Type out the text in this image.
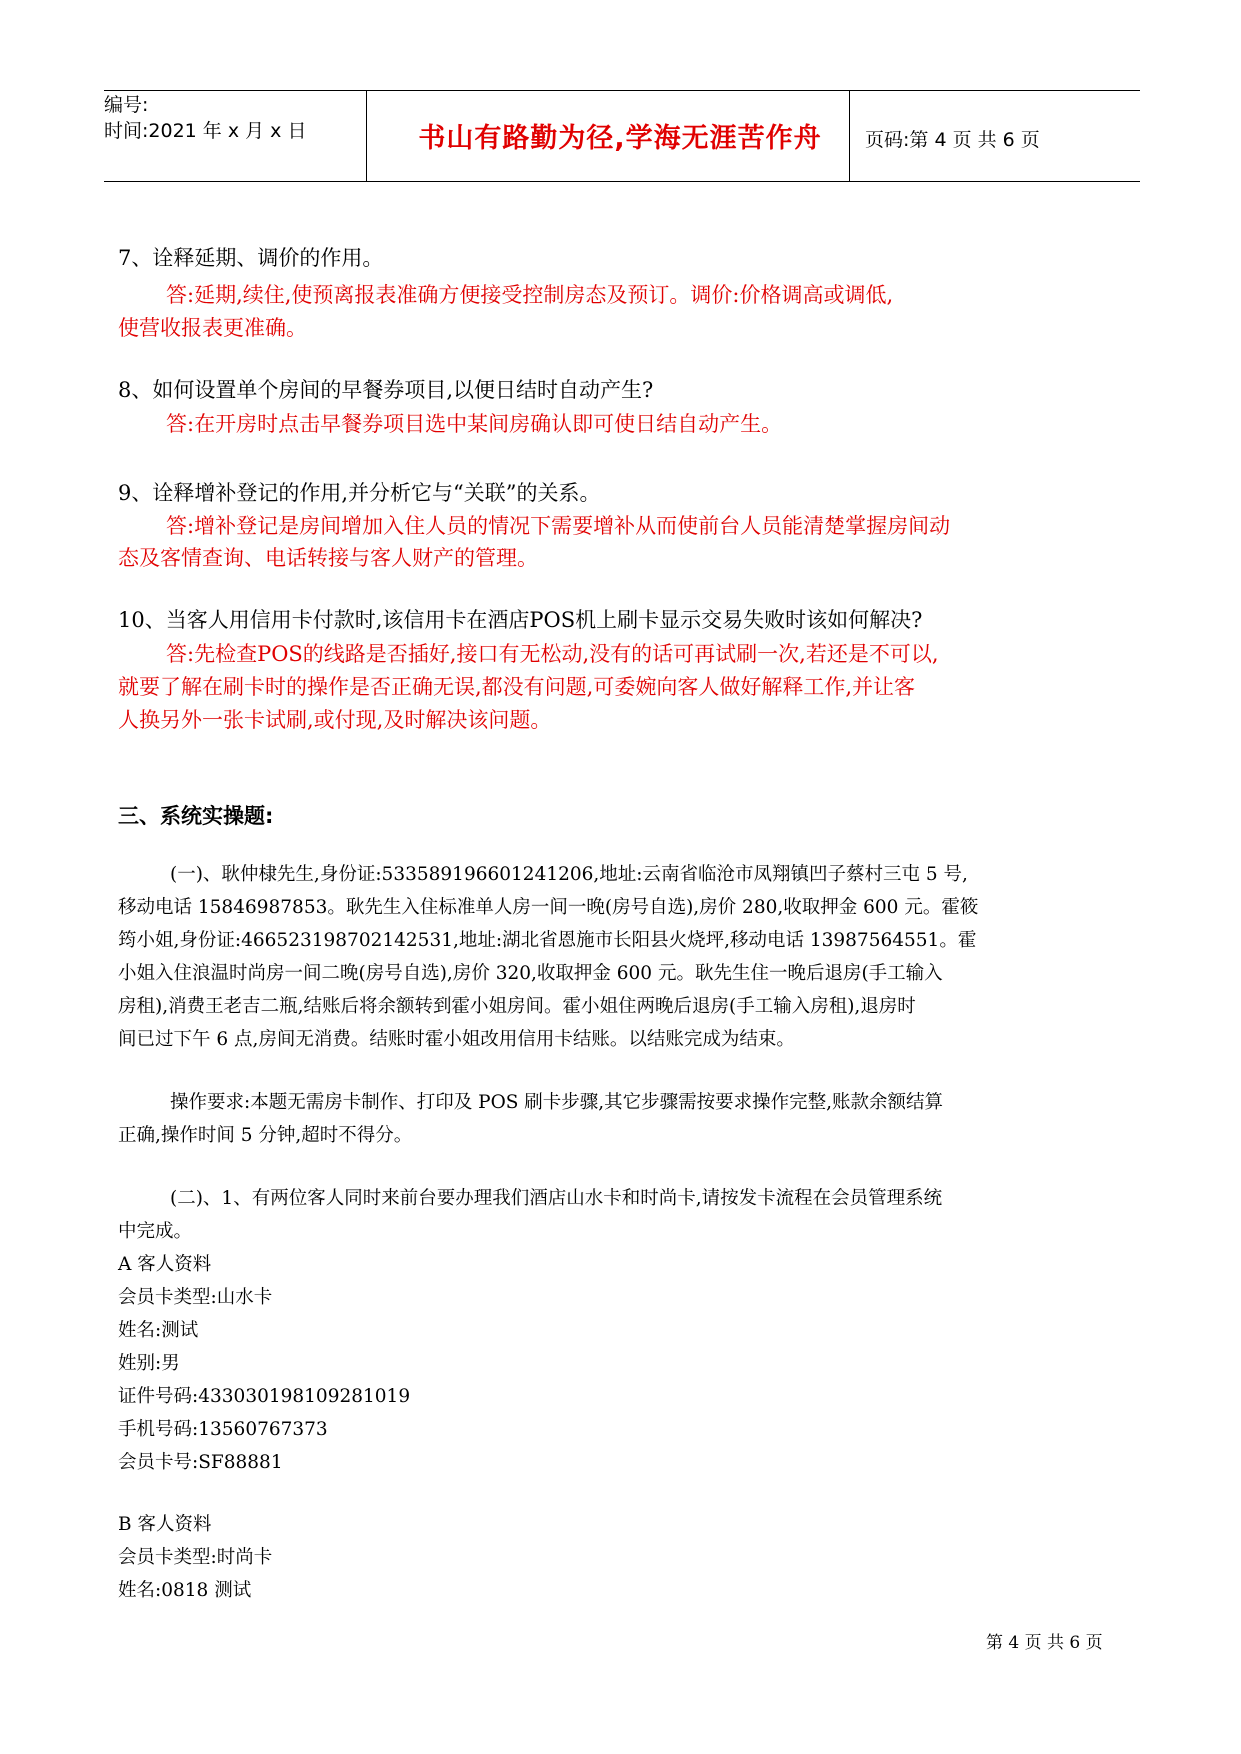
编号:
时间:2021 年 x 月 x 日	书山有路勤为径,学海无涯苦作舟	页码:第 4 页 共 6 页
7、诠释延期、调价的作用。
答:延期,续住,使预离报表准确方便接受控制房态及预订。调价:价格调高或调低,
使营收报表更准确。
8、如何设置单个房间的早餐券项目,以便日结时自动产生?
答:在开房时点击早餐券项目选中某间房确认即可使日结自动产生。
9、诠释增补登记的作用,并分析它与“关联”的关系。
答:增补登记是房间增加入住人员的情况下需要增补从而使前台人员能清楚掌握房间动
态及客情查询、电话转接与客人财产的管理。
10、当客人用信用卡付款时,该信用卡在酒店POS机上刷卡显示交易失败时该如何解决?
答:先检查POS的线路是否插好,接口有无松动,没有的话可再试刷一次,若还是不可以,
就要了解在刷卡时的操作是否正确无误,都没有问题,可委婉向客人做好解释工作,并让客
人换另外一张卡试刷,或付现,及时解决该问题。
三、系统实操题:
(一)、耿仲棣先生,身份证:533589196601241206,地址:云南省临沧市凤翔镇凹子蔡村三屯 5 号,
移动电话 15846987853。耿先生入住标准单人房一间一晚(房号自选),房价 280,收取押金 600 元。霍筱
筠小姐,身份证:466523198702142531,地址:湖北省恩施市长阳县火烧坪,移动电话 13987564551。霍
小姐入住浪温时尚房一间二晚(房号自选),房价 320,收取押金 600 元。耿先生住一晚后退房(手工输入
房租),消费王老吉二瓶,结账后将余额转到霍小姐房间。霍小姐住两晚后退房(手工输入房租),退房时
间已过下午 6 点,房间无消费。结账时霍小姐改用信用卡结账。以结账完成为结束。
操作要求:本题无需房卡制作、打印及 POS 刷卡步骤,其它步骤需按要求操作完整,账款余额结算
正确,操作时间 5 分钟,超时不得分。
(二)、1、有两位客人同时来前台要办理我们酒店山水卡和时尚卡,请按发卡流程在会员管理系统
中完成。
A 客人资料
会员卡类型:山水卡
姓名:测试
姓别:男
证件号码:433030198109281019
手机号码:13560767373
会员卡号:SF88881
B 客人资料
会员卡类型:时尚卡
姓名:0818 测试
第 4 页 共 6 页
